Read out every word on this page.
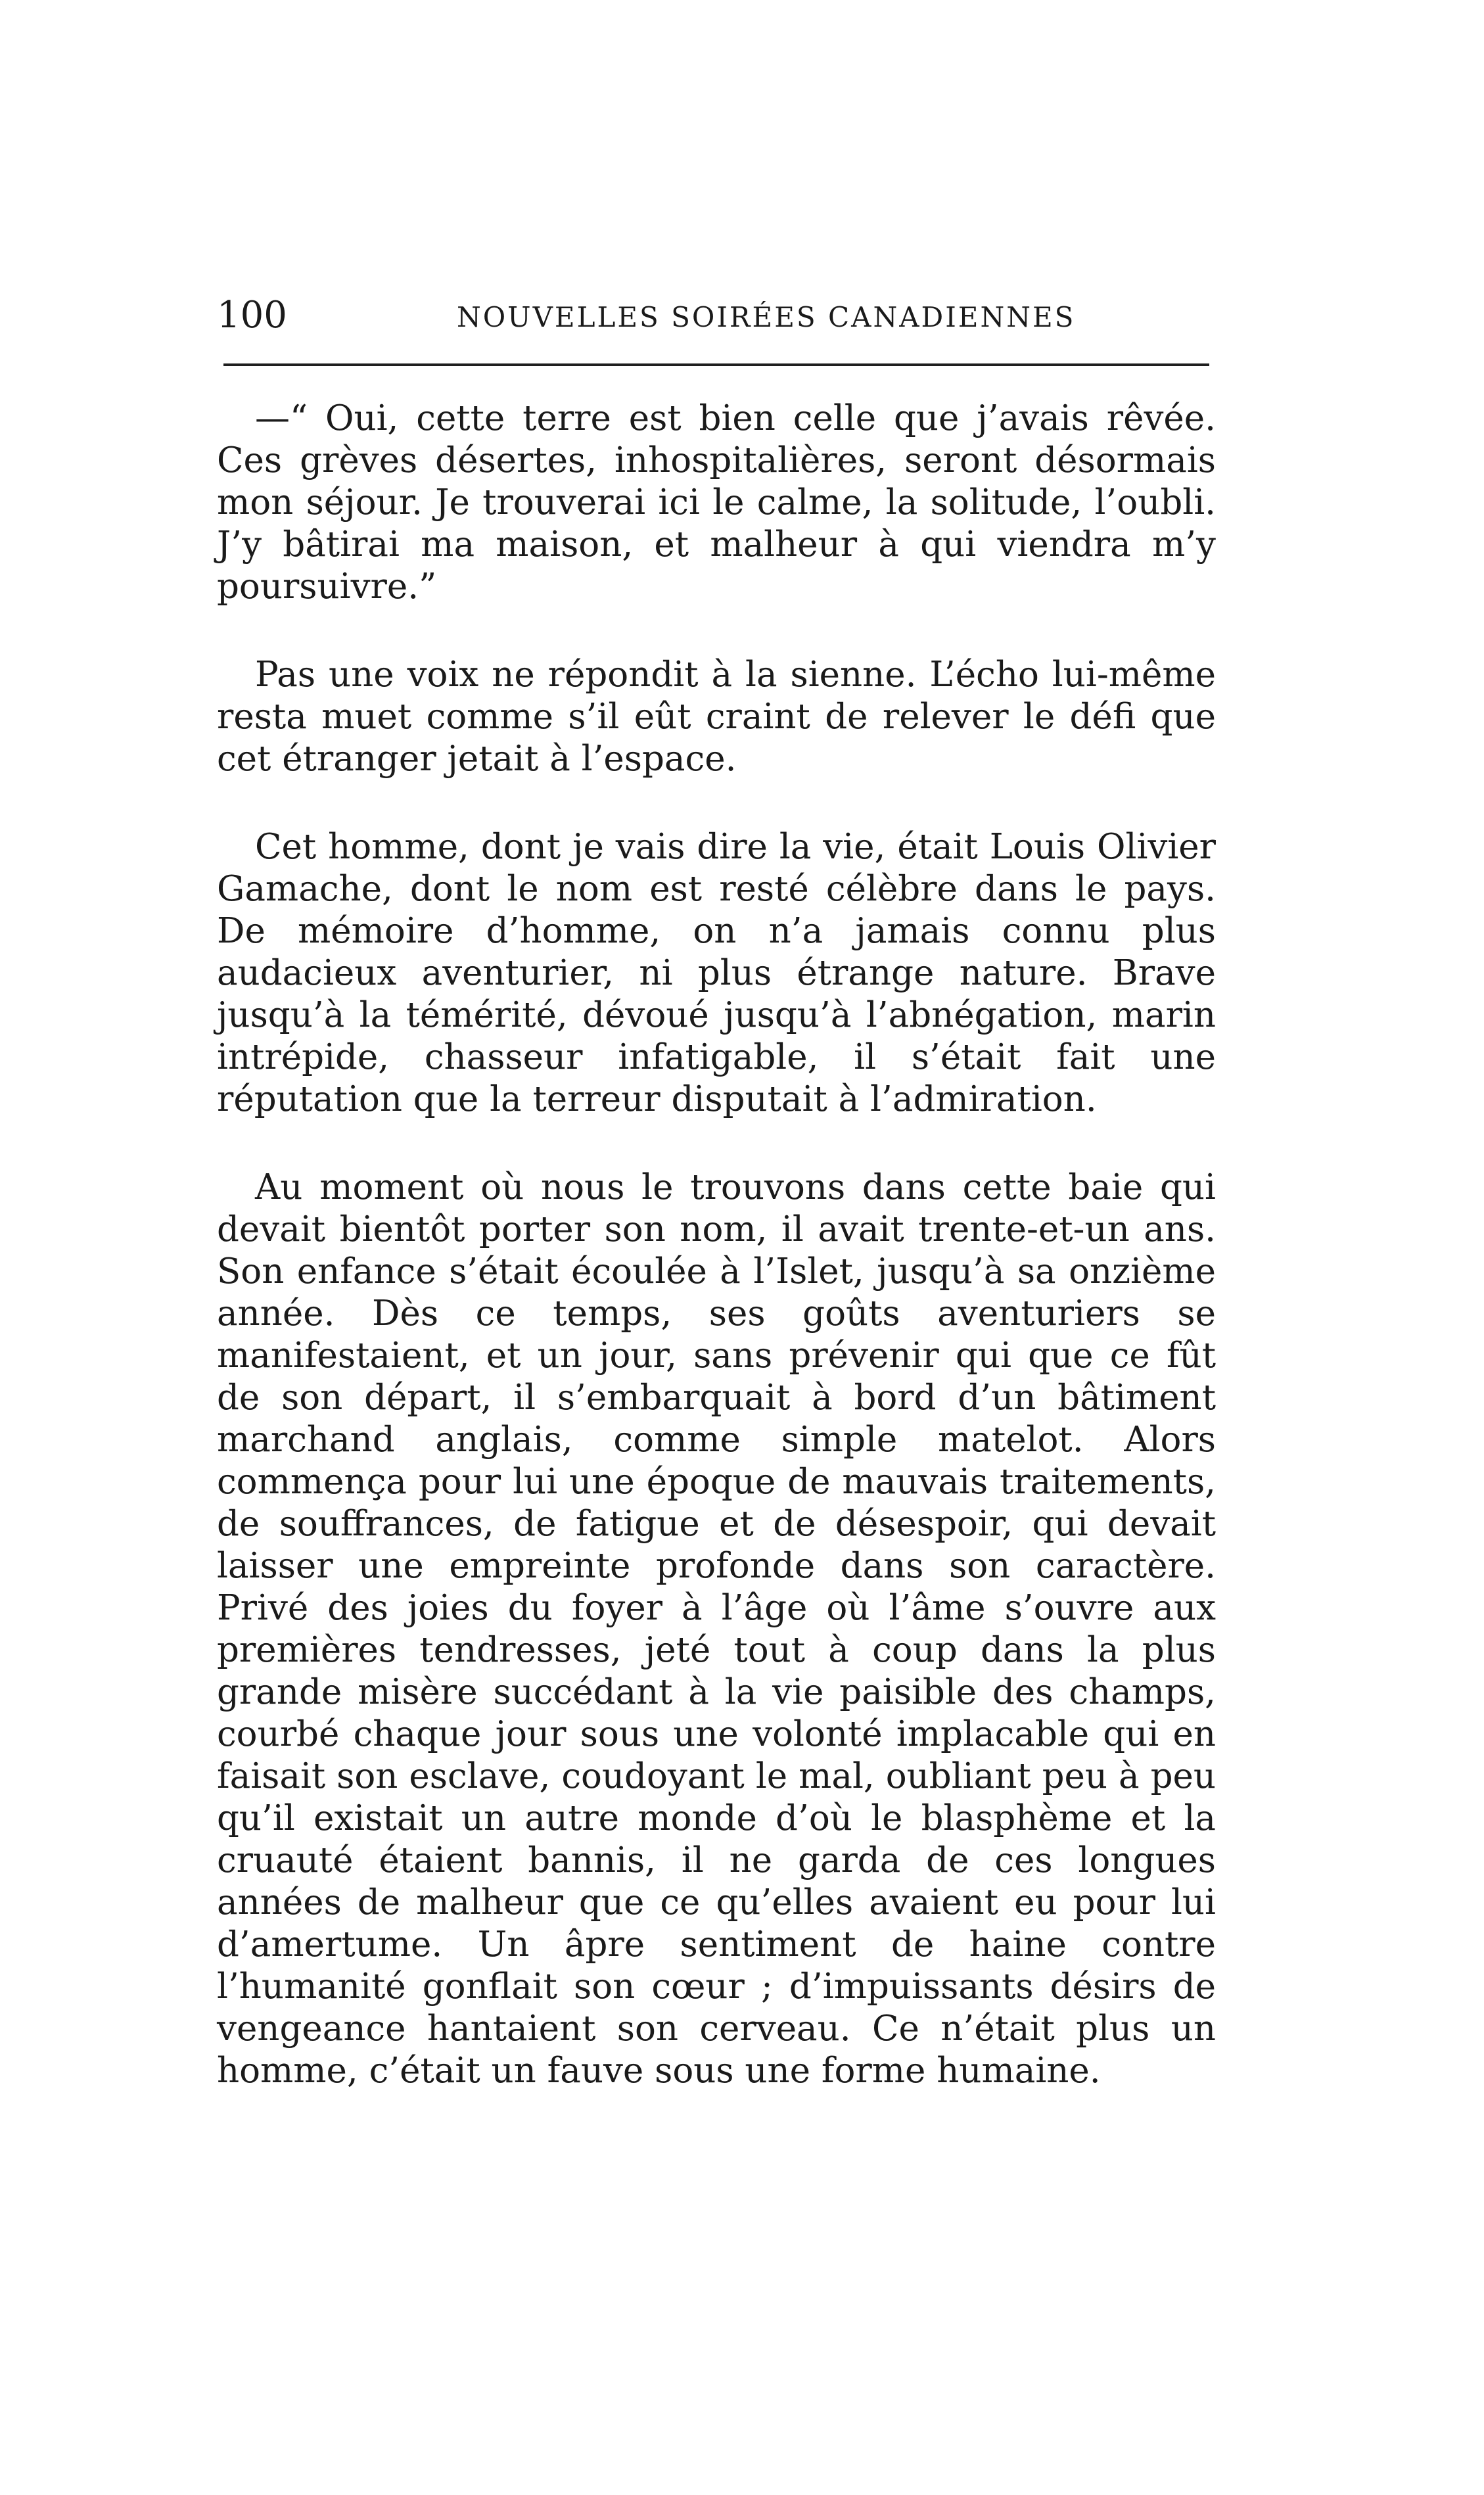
100	NOUVELLES SOIRÉES CANADIENNES

—“ Oui, cette terre est bien celle que j’avais rêvée. Ces grèves désertes, inhospitalières, seront désormais mon séjour. Je trouverai ici le calme, la solitude, l’oubli. J’y bâtirai ma maison, et malheur à qui viendra m’y poursuivre.”

Pas une voix ne répondit à la sienne. L’écho lui-même resta muet comme s’il eût craint de relever le défi que cet étranger jetait à l’espace.

Cet homme, dont je vais dire la vie, était Louis Olivier Gamache, dont le nom est resté célèbre dans le pays. De mémoire d’homme, on n’a jamais connu plus audacieux aventurier, ni plus étrange nature. Brave jusqu’à la témérité, dévoué jusqu’à l’abnégation, marin intrépide, chasseur infatigable, il s’était fait une réputation que la terreur disputait à l’admiration.

Au moment où nous le trouvons dans cette baie qui devait bientôt porter son nom, il avait trente-et-un ans. Son enfance s’était écoulée à l’Islet, jusqu’à sa onzième année. Dès ce temps, ses goûts aventuriers se manifestaient, et un jour, sans prévenir qui que ce fût de son départ, il s’embarquait à bord d’un bâtiment marchand anglais, comme simple matelot. Alors commença pour lui une époque de mauvais traitements, de souffrances, de fatigue et de désespoir, qui devait laisser une empreinte profonde dans son caractère. Privé des joies du foyer à l’âge où l’âme s’ouvre aux premières tendresses, jeté tout à coup dans la plus grande misère succédant à la vie paisible des champs, courbé chaque jour sous une volonté implacable qui en faisait son esclave, coudoyant le mal, oubliant peu à peu qu’il existait un autre monde d’où le blasphème et la cruauté étaient bannis, il ne garda de ces longues années de malheur que ce qu’elles avaient eu pour lui d’amertume. Un âpre sentiment de haine contre l’humanité gonflait son cœur ; d’impuissants désirs de vengeance hantaient son cerveau. Ce n’était plus un homme, c’était un fauve sous une forme humaine.
